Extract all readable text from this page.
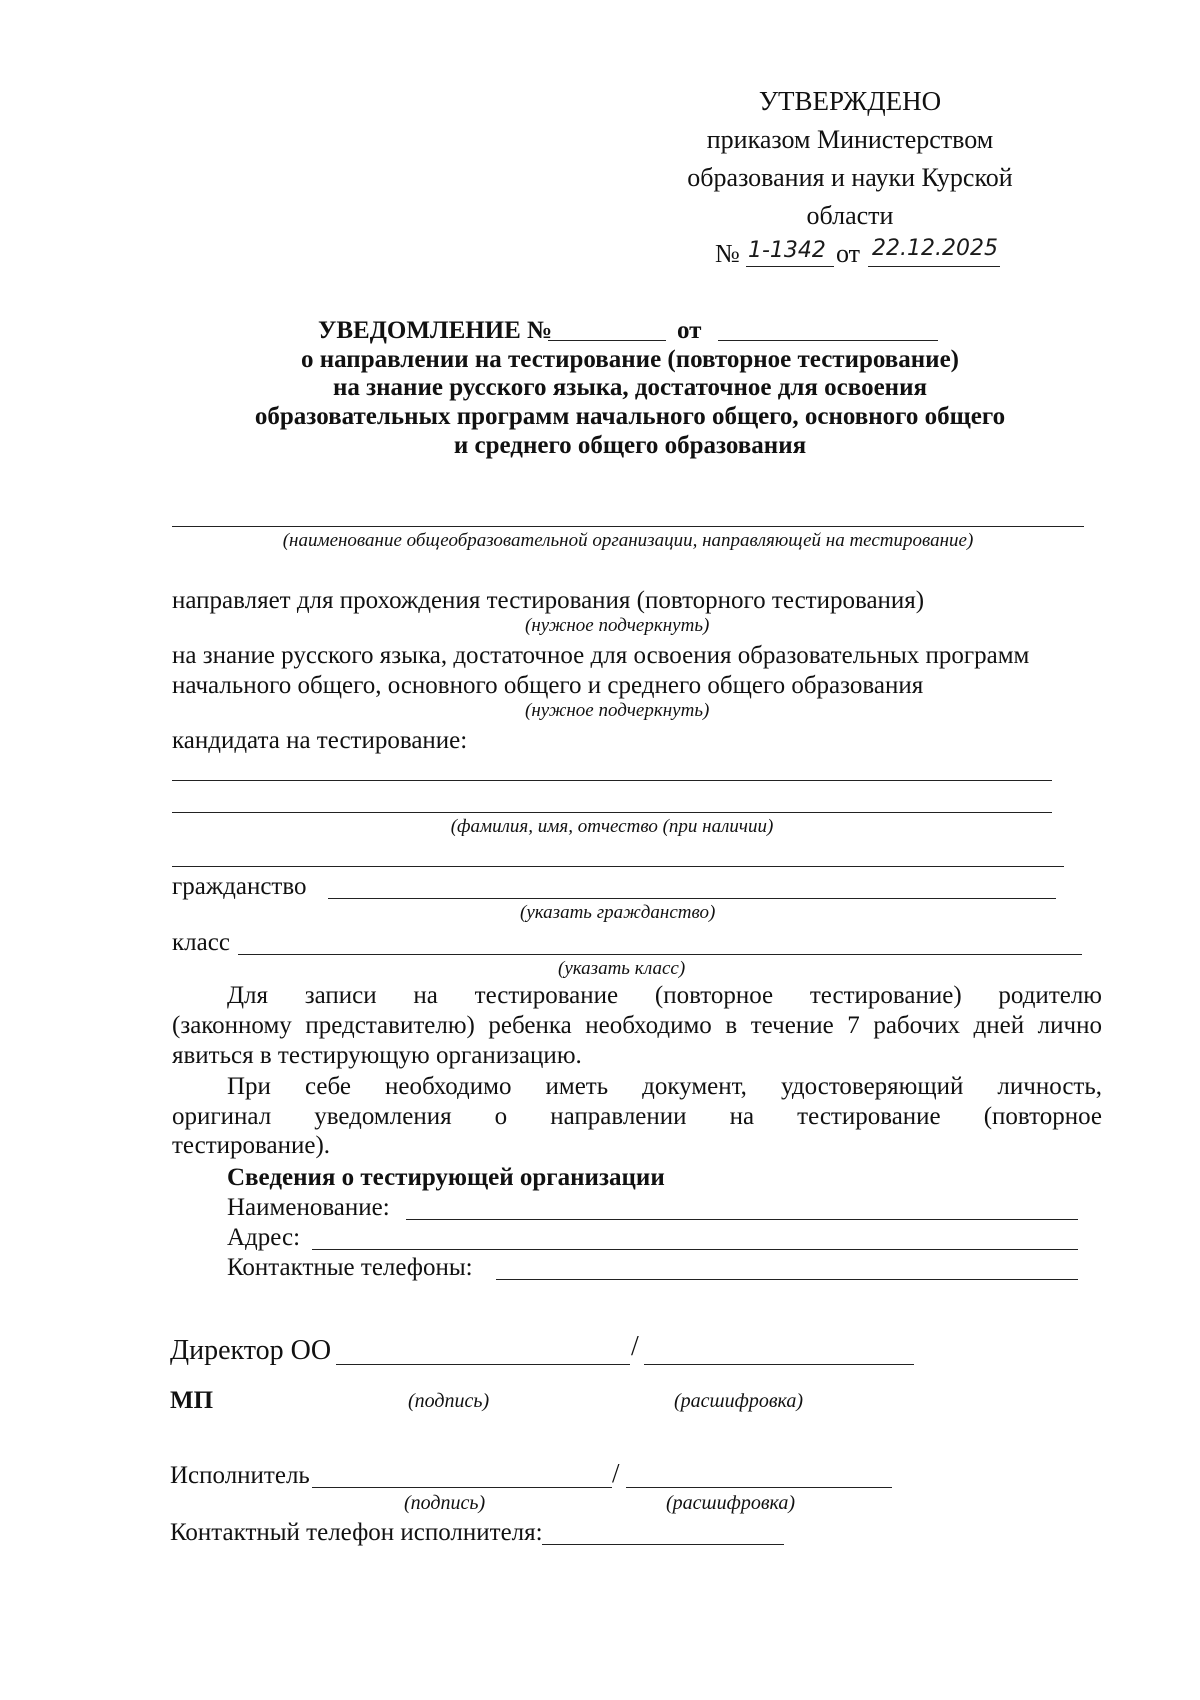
УТВЕРЖДЕНО
приказом Министерством
образования и науки Курской
области
№ 1-1342 от 22.12.2025
УВЕДОМЛЕНИЕ №	от
о направлении на тестирование (повторное тестирование)
на знание русского языка, достаточное для освоения
образовательных программ начального общего, основного общего
и среднего общего образования
(наименование общеобразовательной организации, направляющей на тестирование)
направляет для прохождения тестирования (повторного тестирования)
(нужное подчеркнуть)
на знание русского языка, достаточное для освоения образовательных программ
начального общего, основного общего и среднего общего образования
(нужное подчеркнуть)
кандидата на тестирование:
(фамилия, имя, отчество (при наличии)
гражданство
(указать гражданство)
класс
(указать класс)
Для записи на тестирование (повторное тестирование) родителю
(законному представителю) ребенка необходимо в течение 7 рабочих дней лично
явиться в тестирующую организацию.
При себе необходимо иметь документ, удостоверяющий личность,
оригинал уведомления о направлении на тестирование (повторное
тестирование).
Сведения о тестирующей организации
Наименование:
Адрес:
Контактные телефоны:
Директор ОО	/
МП	(подпись)	(расшифровка)
Исполнитель	/
(подпись)	(расшифровка)
Контактный телефон исполнителя:
